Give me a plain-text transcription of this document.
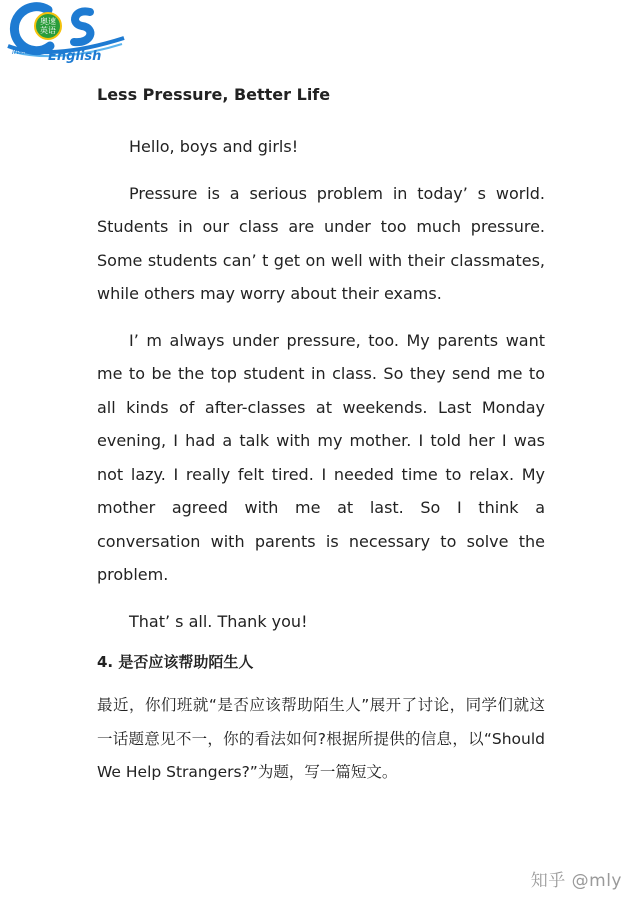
奥速
英语
Instant English
Less Pressure, Better Life

Hello, boys and girls!

Pressure is a serious problem in today’ s world. Students in our class are under too much pressure. Some students can’ t get on well with their classmates, while others may worry about their exams.

I’ m always under pressure, too. My parents want me to be the top student in class. So they send me to all kinds of after-classes at weekends. Last Monday evening, I had a talk with my mother. I told her I was not lazy. I really felt tired. I needed time to relax. My mother agreed with me at last. So I think a conversation with parents is necessary to solve the problem.

That’ s all. Thank you!

4. 是否应该帮助陌生人

最近，你们班就“是否应该帮助陌生人”展开了讨论，同学们就这一话题意见不一，你的看法如何?根据所提供的信息，以“Should We Help Strangers?”为题，写一篇短文。

知乎 @mly
